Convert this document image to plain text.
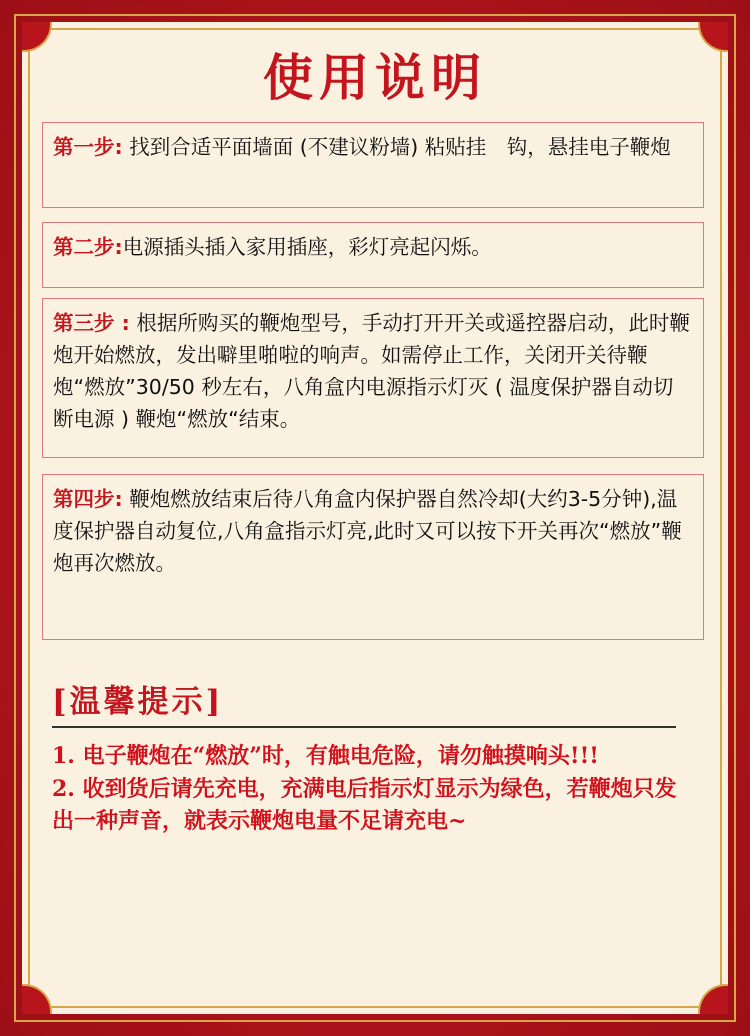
使用说明
第一步: 找到合适平面墙面 (不建议粉墙) 粘贴挂　钩，悬挂电子鞭炮
第二步:电源插头插入家用插座，彩灯亮起闪烁。
第三步 : 根据所购买的鞭炮型号，手动打开开关或遥控器启动，此时鞭炮开始燃放，发出噼里啪啦的响声。如需停止工作，关闭开关待鞭炮“燃放”30/50 秒左右，八角盒内电源指示灯灭 ( 温度保护器自动切断电源 ) 鞭炮“燃放“结束。
第四步: 鞭炮燃放结束后待八角盒内保护器自然冷却(大约3-5分钟),温度保护器自动复位,八角盒指示灯亮,此时又可以按下开关再次“燃放”鞭
炮再次燃放。
[温馨提示]

1. 电子鞭炮在“燃放”时，有触电危险，请勿触摸响头!!!

2. 收到货后请先充电，充满电后指示灯显示为绿色，若鞭炮只发出一种声音，就表示鞭炮电量不足请充电~
